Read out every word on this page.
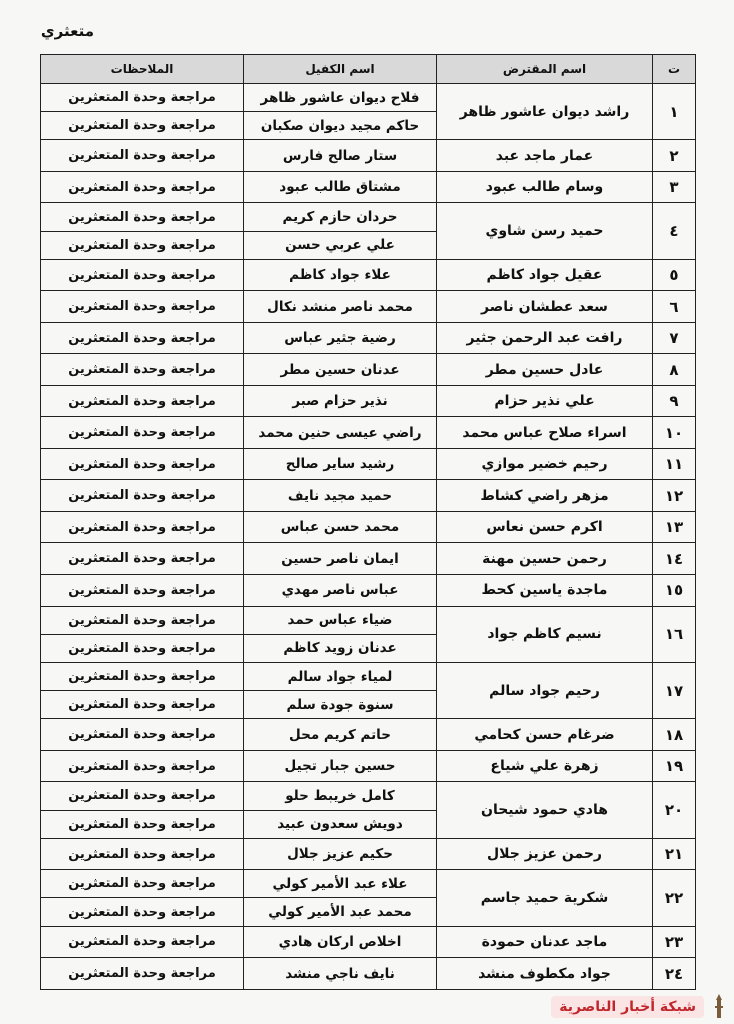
متعثري
ت	اسم المقترض	اسم الكفيل	الملاحظات
١	راشد ديوان عاشور ظاهر	فلاح ديوان عاشور ظاهر	مراجعة وحدة المتعثرين
		حاكم مجيد ديوان صكبان	مراجعة وحدة المتعثرين
٢	عمار ماجد عبد	ستار صالح فارس	مراجعة وحدة المتعثرين
٣	وسام طالب عبود	مشتاق طالب عبود	مراجعة وحدة المتعثرين
٤	حميد رسن شاوي	حردان حازم كريم	مراجعة وحدة المتعثرين
		علي عربي حسن	مراجعة وحدة المتعثرين
٥	عقيل جواد كاظم	علاء جواد كاظم	مراجعة وحدة المتعثرين
٦	سعد عطشان ناصر	محمد ناصر منشد نكال	مراجعة وحدة المتعثرين
٧	رافت عبد الرحمن جثير	رضية جثير عباس	مراجعة وحدة المتعثرين
٨	عادل حسين مطر	عدنان حسين مطر	مراجعة وحدة المتعثرين
٩	علي نذير حزام	نذير حزام صبر	مراجعة وحدة المتعثرين
١٠	اسراء صلاح عباس محمد	راضي عيسى حنين محمد	مراجعة وحدة المتعثرين
١١	رحيم خضير موازي	رشيد ساير صالح	مراجعة وحدة المتعثرين
١٢	مزهر راضي كشاط	حميد مجيد نايف	مراجعة وحدة المتعثرين
١٣	اكرم حسن نعاس	محمد حسن عباس	مراجعة وحدة المتعثرين
١٤	رحمن حسين مهنة	ايمان ناصر حسين	مراجعة وحدة المتعثرين
١٥	ماجدة ياسين كحط	عباس ناصر مهدي	مراجعة وحدة المتعثرين
١٦	نسيم كاظم جواد	ضياء عباس حمد	مراجعة وحدة المتعثرين
		عدنان زويد كاظم	مراجعة وحدة المتعثرين
١٧	رحيم جواد سالم	لمياء جواد سالم	مراجعة وحدة المتعثرين
		سنوة جودة سلم	مراجعة وحدة المتعثرين
١٨	ضرغام حسن كحامي	حاتم كريم محل	مراجعة وحدة المتعثرين
١٩	زهرة علي شياع	حسين جبار تجيل	مراجعة وحدة المتعثرين
٢٠	هادي حمود شيحان	كامل خريبط حلو	مراجعة وحدة المتعثرين
		دويش سعدون عبيد	مراجعة وحدة المتعثرين
٢١	رحمن عزيز جلال	حكيم عزيز جلال	مراجعة وحدة المتعثرين
٢٢	شكرية حميد جاسم	علاء عبد الأمير كولي	مراجعة وحدة المتعثرين
		محمد عبد الأمير كولي	مراجعة وحدة المتعثرين
٢٣	ماجد عدنان حمودة	اخلاص اركان هادي	مراجعة وحدة المتعثرين
٢٤	جواد مكطوف منشد	نايف ناجي منشد	مراجعة وحدة المتعثرين
شبكة أخبار الناصرية
